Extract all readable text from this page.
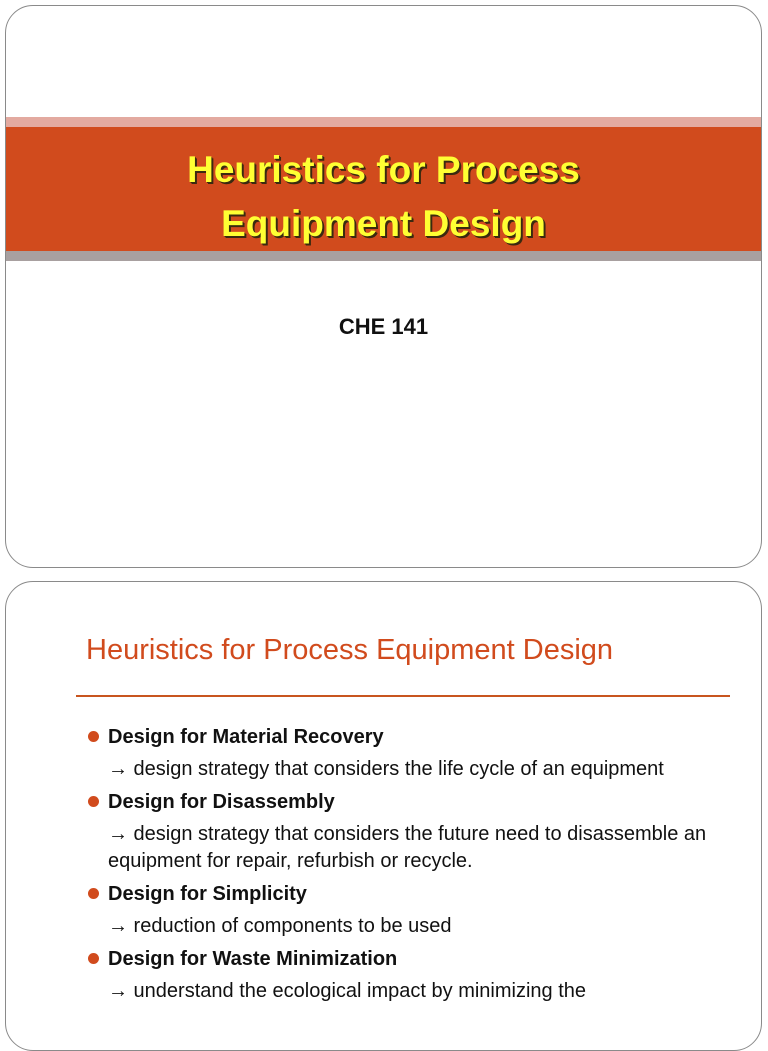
Heuristics for Process
Equipment Design

CHE 141

Heuristics for Process Equipment Design
Design for Material Recovery
→ design strategy that considers the life cycle of an equipment
Design for Disassembly
→ design strategy that considers the future need to disassemble an equipment for repair, refurbish or recycle.
Design for Simplicity
→ reduction of components to be used
Design for Waste Minimization
→ understand the ecological impact by minimizing the
